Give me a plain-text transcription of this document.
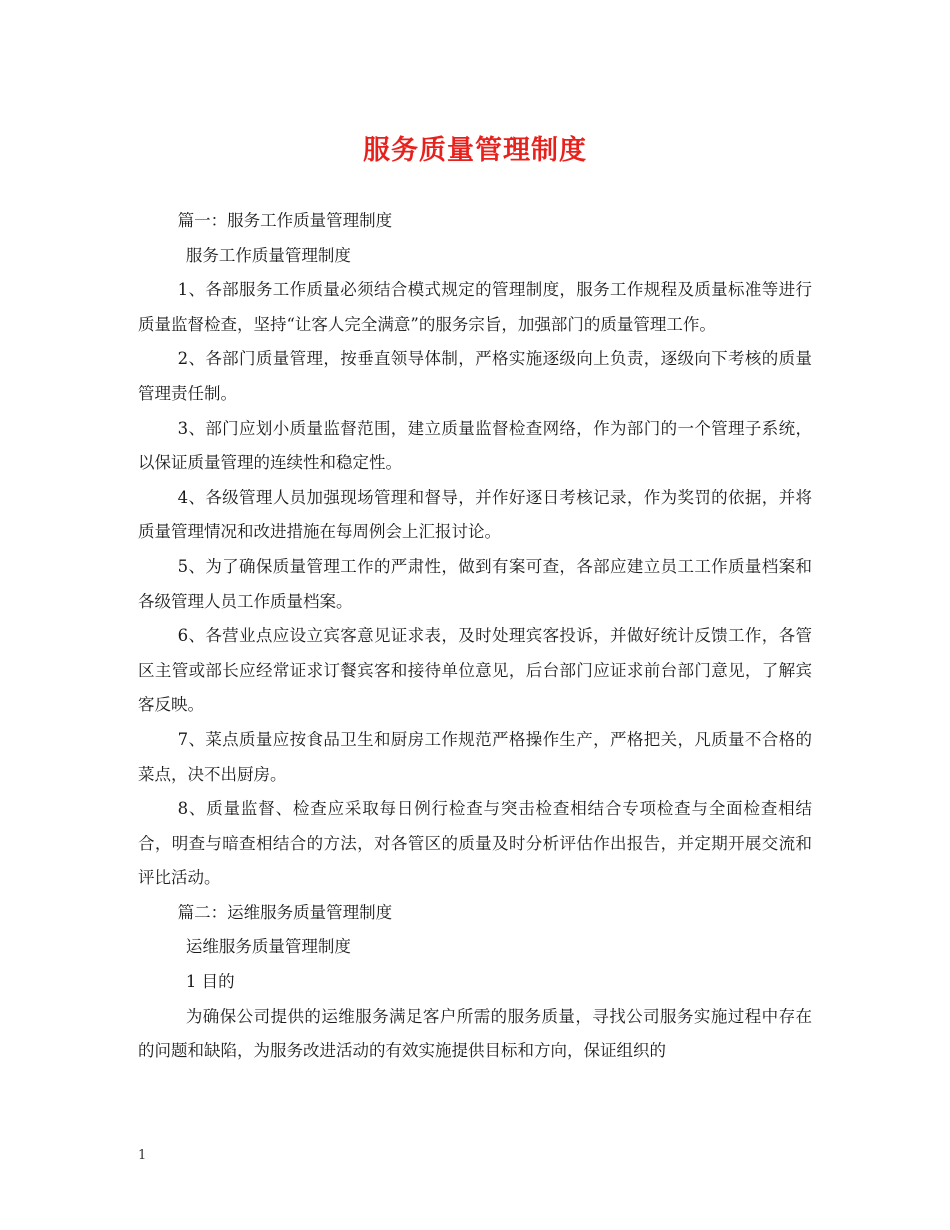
服务质量管理制度

篇一：服务工作质量管理制度

服务工作质量管理制度

1、各部服务工作质量必须结合模式规定的管理制度，服务工作规程及质量标准等进行质量监督检查，坚持“让客人完全满意”的服务宗旨，加强部门的质量管理工作。

2、各部门质量管理，按垂直领导体制，严格实施逐级向上负责，逐级向下考核的质量管理责任制。

3、部门应划小质量监督范围，建立质量监督检查网络，作为部门的一个管理子系统，以保证质量管理的连续性和稳定性。

4、各级管理人员加强现场管理和督导，并作好逐日考核记录，作为奖罚的依据，并将质量管理情况和改进措施在每周例会上汇报讨论。

5、为了确保质量管理工作的严肃性，做到有案可查，各部应建立员工工作质量档案和各级管理人员工作质量档案。

6、各营业点应设立宾客意见证求表，及时处理宾客投诉，并做好统计反馈工作，各管区主管或部长应经常证求订餐宾客和接待单位意见，后台部门应证求前台部门意见，了解宾客反映。

7、菜点质量应按食品卫生和厨房工作规范严格操作生产，严格把关，凡质量不合格的菜点，决不出厨房。

8、质量监督、检查应采取每日例行检查与突击检查相结合专项检查与全面检查相结合，明查与暗查相结合的方法，对各管区的质量及时分析评估作出报告，并定期开展交流和评比活动。

篇二：运维服务质量管理制度

运维服务质量管理制度

1 目的

为确保公司提供的运维服务满足客户所需的服务质量，寻找公司服务实施过程中存在的问题和缺陷，为服务改进活动的有效实施提供目标和方向，保证组织的

1
